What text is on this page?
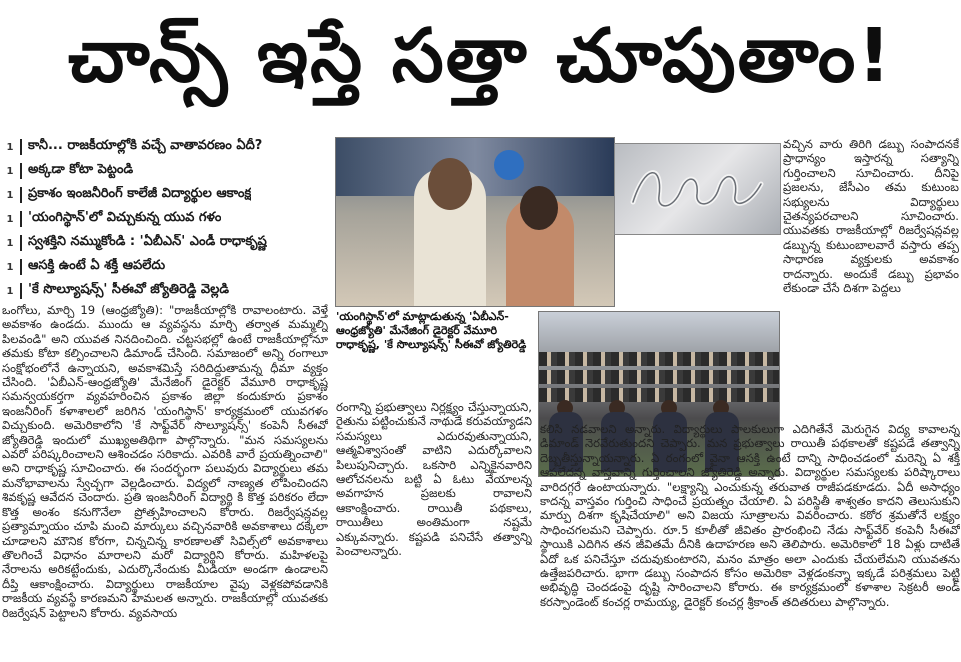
చాన్స్ ఇస్తే సత్తా చూపుతాం!
1	కానీ... రాజకీయాల్లోకి వచ్చే వాతావరణం ఏదీ?
1	అక్కడా కోటా పెట్టండి
1	ప్రకాశం ఇంజనీరింగ్ కాలేజీ విద్యార్థుల ఆకాంక్ష
1	'యంగిస్థాన్'లో విచ్చుకున్న యువ గళం
1	స్వశక్తిని నమ్ముకోండి : 'ఏబీఎన్' ఎండీ రాధాకృష్ణ
1	ఆసక్తి ఉంటే ఏ శక్తీ ఆపలేదు
1	'కే సొల్యూషన్స్' సీఈవో జ్యోతిరెడ్డి వెల్లడి
'యంగిస్థాన్'లో మాట్లాడుతున్న 'ఏబీఎన్-ఆంధ్రజ్యోతి' మేనేజింగ్ డైరెక్టర్ వేమూరి రాధాకృష్ణ, 'కే సొల్యూషన్స్' సీఈవో జ్యోతిరెడ్డి

ఒంగోలు, మార్చి 19 (ఆంధ్రజ్యోతి): "రాజకీయాల్లోకి రావాలంటారు. వెళ్తే అవకాశం ఉండదు. ముందు ఆ వ్యవస్థను మార్చి తర్వాత మమ్మల్ని పిలవండి" అని యువత నినదించింది. చట్టసభల్లో ఉంటే రాజకీయాల్లోనూ తమకు కోటా కల్పించాలని డిమాండ్ చేసింది. సమాజంలో అన్ని రంగాలూ సంక్షోభంలోనే ఉన్నాయని, అవకాశమిస్తే సరిదిద్దుతామన్న ధీమా వ్యక్తం చేసింది. 'ఏబీఎన్-ఆంధ్రజ్యోతి' మేనేజింగ్ డైరెక్టర్ వేమూరి రాధాకృష్ణ సమన్వయకర్తగా వ్యవహరించిన ప్రకాశం జిల్లా కందుకూరు ప్రకాశం ఇంజనీరింగ్ కళాశాలలో జరిగిన 'యంగిస్థాన్' కార్యక్రమంలో యువగళం విచ్చుకుంది. అమెరికాలోని 'కే సాఫ్ట్‌వేర్ సొల్యూషన్స్' కంపెనీ సీఈవో జ్యోతిరెడ్డి ఇందులో ముఖ్యఅతిథిగా పాల్గొన్నారు. "మన సమస్యలను ఎవరో పరిష్కరించాలని ఆశించడం సరికాదు. ఎవరికి వారే ప్రయత్నించాలి" అని రాధాకృష్ణ సూచించారు. ఈ సందర్భంగా పలువురు విద్యార్థులు తమ మనోభావాలను స్వేచ్ఛగా వెల్లడించారు. విద్యలో నాణ్యత లోపించిందని శివకృష్ణ ఆవేదన చెందారు. ప్రతి ఇంజనీరింగ్ విద్యార్థి కి కొత్త పరికరం లేదా కొత్త అంశం కనుగొనేలా ప్రోత్సహించాలని కోరారు. రిజర్వేషన్లవల్ల ప్రత్యామ్నాయం చూపి మంచి మార్కులు వచ్చినవారికి అవకాశాలు దక్కేలా చూడాలని మౌనిక కోరగా, చిన్నచిన్న కారణాలతో సివిల్స్‌లో అవకాశాలు తొలగించే విధానం మారాలని మరో విద్యార్థిని కోరారు. మహిళలపై నేరాలను అరికట్టేందుకు, ఎదుర్కొనేందుకు మీడియా అండగా ఉండాలని దీప్తి ఆకాంక్షించారు. విద్యార్థులు రాజకీయాల వైపు వెళ్లకపోవడానికి రాజకీయ వ్యవస్థే కారణమని హేమలత అన్నారు. రాజకీయాల్లో యువతకు రిజర్వేషన్ పెట్టాలని కోరారు. వ్యవసాయ

రంగాన్ని ప్రభుత్వాలు నిర్లక్ష్యం చేస్తున్నాయని, రైతును పట్టించుకునే నాథుడే కరువయ్యాడని సమస్యలు ఎదురవుతున్నాయని, ఆత్మవిశ్వాసంతో వాటిని ఎదుర్కోవాలని పిలుపునిచ్చారు. ఒకసారి ఎన్నికైనవారిని ఆలోచనలను బట్టి ఏ ఓటు వేయాలన్న అవగాహన ప్రజలకు రావాలని ఆకాంక్షించారు. రాయితీ పథకాలు, రాయితీలు అంతిమంగా నష్టమే ఎక్కువన్నారు. కష్టపడి పనిచేసే తత్వాన్ని పెంచాలన్నారు.

వచ్చిన వారు తిరిగి డబ్బు సంపాదనకే ప్రాధాన్యం ఇస్తారన్న సత్యాన్ని గుర్తించాలని సూచించారు. దీనిపై ప్రజలను, జేసీఎం తమ కుటుంబ సభ్యులను విద్యార్థులు చైతన్యపరచాలని సూచించారు. యువతకు రాజకీయాల్లో రిజర్వేషన్లవల్ల డబ్బున్న కుటుంబాలవారే వస్తారు తప్ప సాధారణ వ్యక్తులకు అవకాశం రాదన్నారు. అందుకే డబ్బు ప్రభావం లేకుండా చేసే దిశగా పెద్దలు

కలిసి నడవాలని అన్నారు. విద్యార్థులు పాలకులుగా ఎదిగితేనే మెరుగైన విద్య కావాలన్న డిమాండ్ నెరవేరుతుందని చెప్పారు. మన ప్రభుత్వాలు రాయితీ పథకాలతో కష్టపడే తత్వాన్ని దెబ్బతీస్తున్నాయన్నారు. ఏ రంగంలో వైనా ఆసక్తి ఉంటే దాన్ని సాధించడంలో మరెన్ని ఏ శక్తీ ఆపలేదన్న వాస్తవాన్ని గుర్తించాలని జ్యోతిరెడ్డి అన్నారు. విద్యార్థుల సమస్యలకు పరిష్కారాలు వారిదగ్గరే ఉంటాయన్నారు. "లక్ష్యాన్ని ఎంచుకున్న తరువాత రాజీపడకూడదు. ఏదీ అసాధ్యం కాదన్న వాస్తవం గుర్తించి సాధించే ప్రయత్నం చేయాలి. ఏ పరిస్థితీ శాశ్వతం కాదని తెలుసుకుని మార్పు దిశగా కృషిచేయాలి" అని విజయ సూత్రాలను వివరించారు. కఠోర శ్రమతోనే లక్ష్యం సాధించగలమని చెప్పారు. రూ.5 కూలీతో జీవితం ప్రారంభించి నేడు సాఫ్ట్‌వేర్ కంపెనీ సీఈవో స్థాయికి ఎదిగిన తన జీవితమే దీనికి ఉదాహరణ అని తెలిపారు. అమెరికాలో 18 ఏళ్లు దాటితే ఏదో ఒక పనిచేస్తూ చదువుకుంటారని, మనం మాత్రం అలా ఎందుకు చేయలేమని యువతను ఉత్తేజపరిచారు. భాగా డబ్బు సంపాదన కోసం అమెరికా వెళ్లడంకన్నా ఇక్కడే పరిశ్రమలు పెట్టి అభివృద్ధి చెందడంపై దృష్టి సారించాలని కోరారు. ఈ కార్యక్రమంలో కళాశాల సెక్రటరీ అండ్ కరస్పాండెంట్ కంచర్ల రామయ్య, డైరెక్టర్ కంచర్ల శ్రీకాంత్ తదితరులు పాల్గొన్నారు.
